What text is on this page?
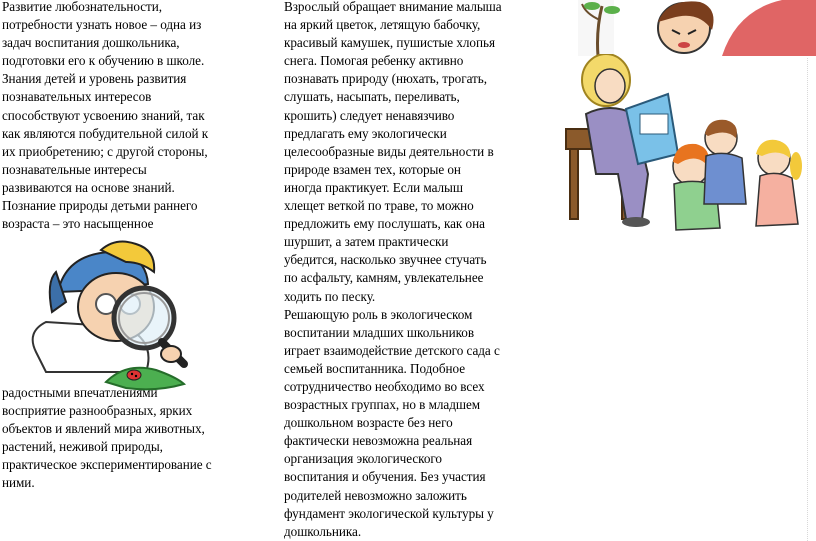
Развитие любознательности,
потребности узнать новое – одна из
задач воспитания дошкольника,
подготовки его к обучению в школе.
Знания детей и уровень развития
познавательных интересов
способствуют усвоению знаний, так
как являются побудительной силой к
их приобретению; с другой стороны,
познавательные интересы
развиваются на основе знаний.
Познание природы детьми раннего
возраста – это насыщенное
радостными впечатлениями
восприятие разнообразных, ярких
объектов и явлений мира животных,
растений, неживой природы,
практическое экспериментирование с
ними.
Взрослый обращает внимание малыша
на яркий цветок, летящую бабочку,
красивый камушек, пушистые хлопья
снега. Помогая ребенку активно
познавать природу (нюхать, трогать,
слушать, насыпать, переливать,
крошить) следует ненавязчиво
предлагать ему экологически
целесообразные виды деятельности в
природе взамен тех, которые он
иногда практикует. Если малыш
хлещет веткой по траве, то можно
предложить ему послушать, как она
шуршит, а затем практически
убедится, насколько звучнее стучать
по асфальту, камням, увлекательнее
ходить по песку.
Решающую роль в экологическом
воспитании младших школьников
играет взаимодействие детского сада с
семьей воспитанника. Подобное
сотрудничество необходимо во всех
возрастных группах, но в младшем
дошкольном возрасте без него
фактически невозможна реальная
организация экологического
воспитания и обучения. Без участия
родителей невозможно заложить
фундамент экологической культуры у
дошкольника.
